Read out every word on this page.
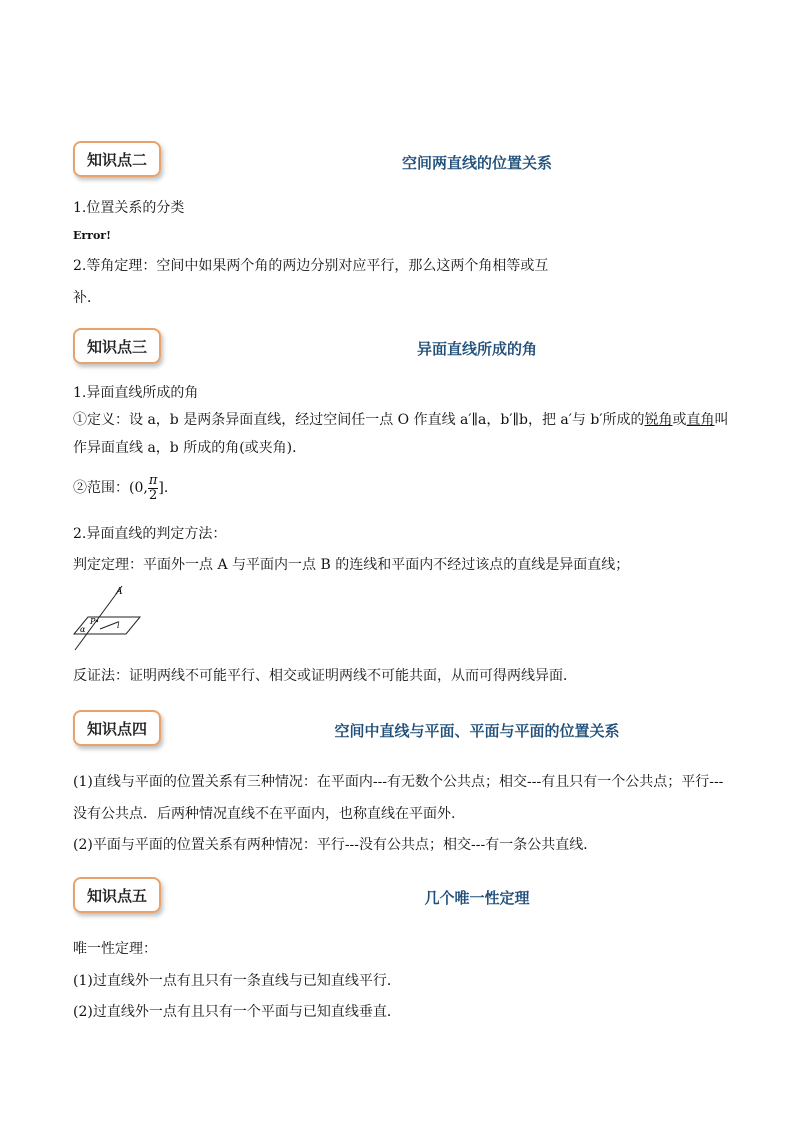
知识点二	空间两直线的位置关系
1.位置关系的分类
Error!
2.等角定理：空间中如果两个角的两边分别对应平行，那么这两个角相等或互
补．
知识点三	异面直线所成的角
1.异面直线所成的角
①定义：设 a，b 是两条异面直线，经过空间任一点 O 作直线 a′∥a，b′∥b，把 a′与 b′所成的锐角或直角叫
作异面直线 a，b 所成的角(或夹角)．
②范围：(0, $\frac{\pi}{2}$ ].
2.异面直线的判定方法：
判定定理：平面外一点 A 与平面内一点 B 的连线和平面内不经过该点的直线是异面直线；
A
P
α	l
反证法：证明两线不可能平行、相交或证明两线不可能共面，从而可得两线异面．
知识点四	空间中直线与平面、平面与平面的位置关系
(1)直线与平面的位置关系有三种情况：在平面内---有无数个公共点；相交---有且只有一个公共点；平行---
没有公共点．后两种情况直线不在平面内，也称直线在平面外.
(2)平面与平面的位置关系有两种情况：平行---没有公共点；相交---有一条公共直线．
知识点五	几个唯一性定理
唯一性定理：
(1)过直线外一点有且只有一条直线与已知直线平行．
(2)过直线外一点有且只有一个平面与已知直线垂直．
